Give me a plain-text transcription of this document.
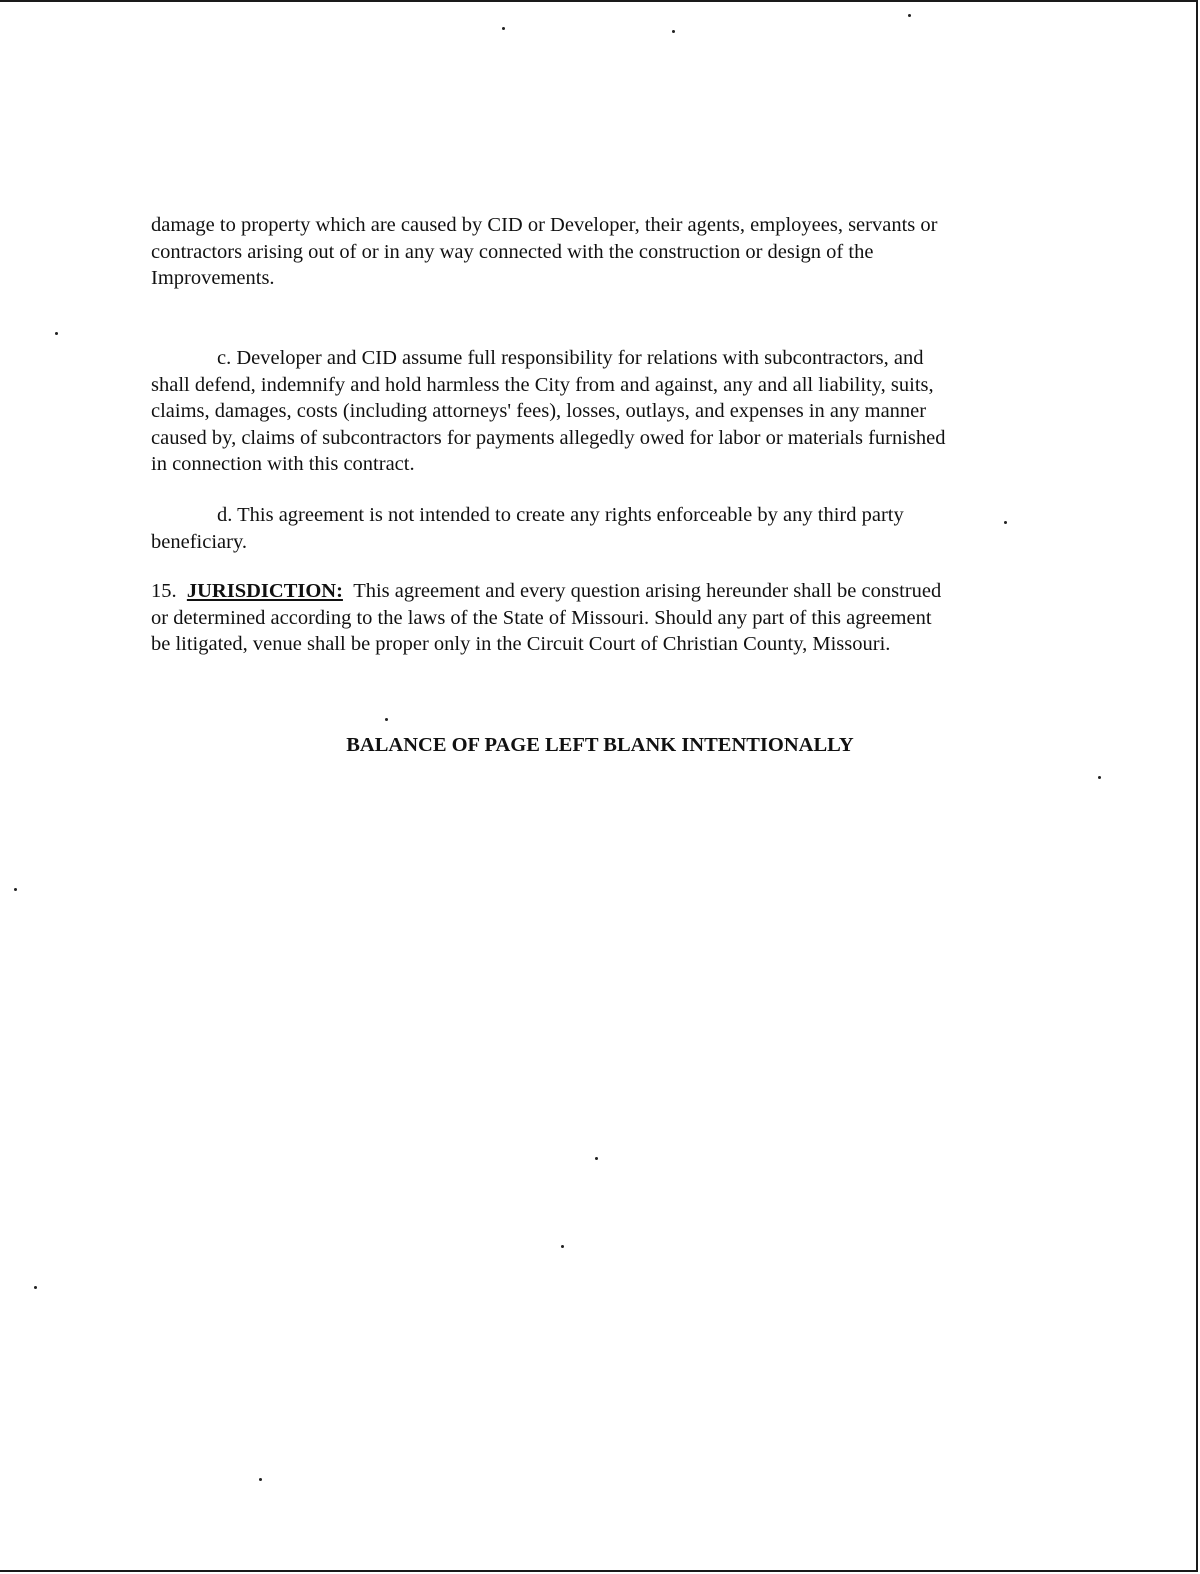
damage to property which are caused by CID or Developer, their agents, employees, servants or
contractors arising out of or in any way connected with the construction or design of the
Improvements.
c. Developer and CID assume full responsibility for relations with subcontractors, and
shall defend, indemnify and hold harmless the City from and against, any and all liability, suits,
claims, damages, costs (including attorneys' fees), losses, outlays, and expenses in any manner
caused by, claims of subcontractors for payments allegedly owed for labor or materials furnished
in connection with this contract.
d. This agreement is not intended to create any rights enforceable by any third party
beneficiary.
15. JURISDICTION: This agreement and every question arising hereunder shall be construed
or determined according to the laws of the State of Missouri. Should any part of this agreement
be litigated, venue shall be proper only in the Circuit Court of Christian County, Missouri.
BALANCE OF PAGE LEFT BLANK INTENTIONALLY
